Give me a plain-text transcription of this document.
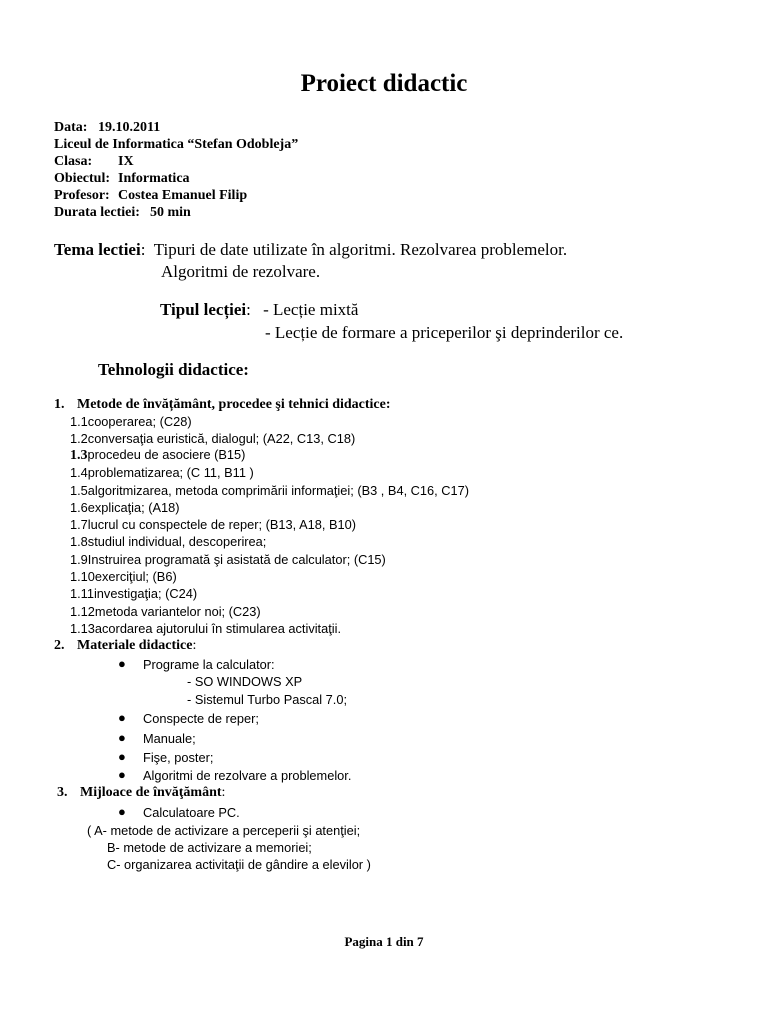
Proiect didactic
Data: 19.10.2011
Liceul de Informatica “Stefan Odobleja”
Clasa: IX
Obiectul: Informatica
Profesor: Costea Emanuel Filip
Durata lectiei: 50 min
Tema lectiei: Tipuri de date utilizate în algoritmi. Rezolvarea problemelor.
Algoritmi de rezolvare.
Tipul lecției: - Lecție mixtă
- Lecție de formare a priceperilor şi deprinderilor ce.
Tehnologii didactice:
1. Metode de învățământ, procedee şi tehnici didactice:
1.1cooperarea; (C28)
1.2conversaţia euristică, dialogul; (A22, C13, C18)
1.3procedeu de asociere (B15)
1.4problematizarea; (C 11, B11 )
1.5algoritmizarea, metoda comprimării informaţiei; (B3 , B4, C16, C17)
1.6explicaţia; (A18)
1.7lucrul cu conspectele de reper; (B13, A18, B10)
1.8studiul individual, descoperirea;
1.9Instruirea programată şi asistată de calculator; (C15)
1.10exerciţiul; (B6)
1.11investigaţia; (C24)
1.12metoda variantelor noi; (C23)
1.13acordarea ajutorului în stimularea activitaţii.
2. Materiale didactice:
● Programe la calculator:
- SO WINDOWS XP
- Sistemul Turbo Pascal 7.0;
● Conspecte de reper;
● Manuale;
● Fişe, poster;
● Algoritmi de rezolvare a problemelor.
3. Mijloace de învăţământ:
● Calculatoare PC.
( A- metode de activizare a perceperii şi atenţiei;
B- metode de activizare a memoriei;
C- organizarea activitaţii de gândire a elevilor )
Pagina 1 din 7
